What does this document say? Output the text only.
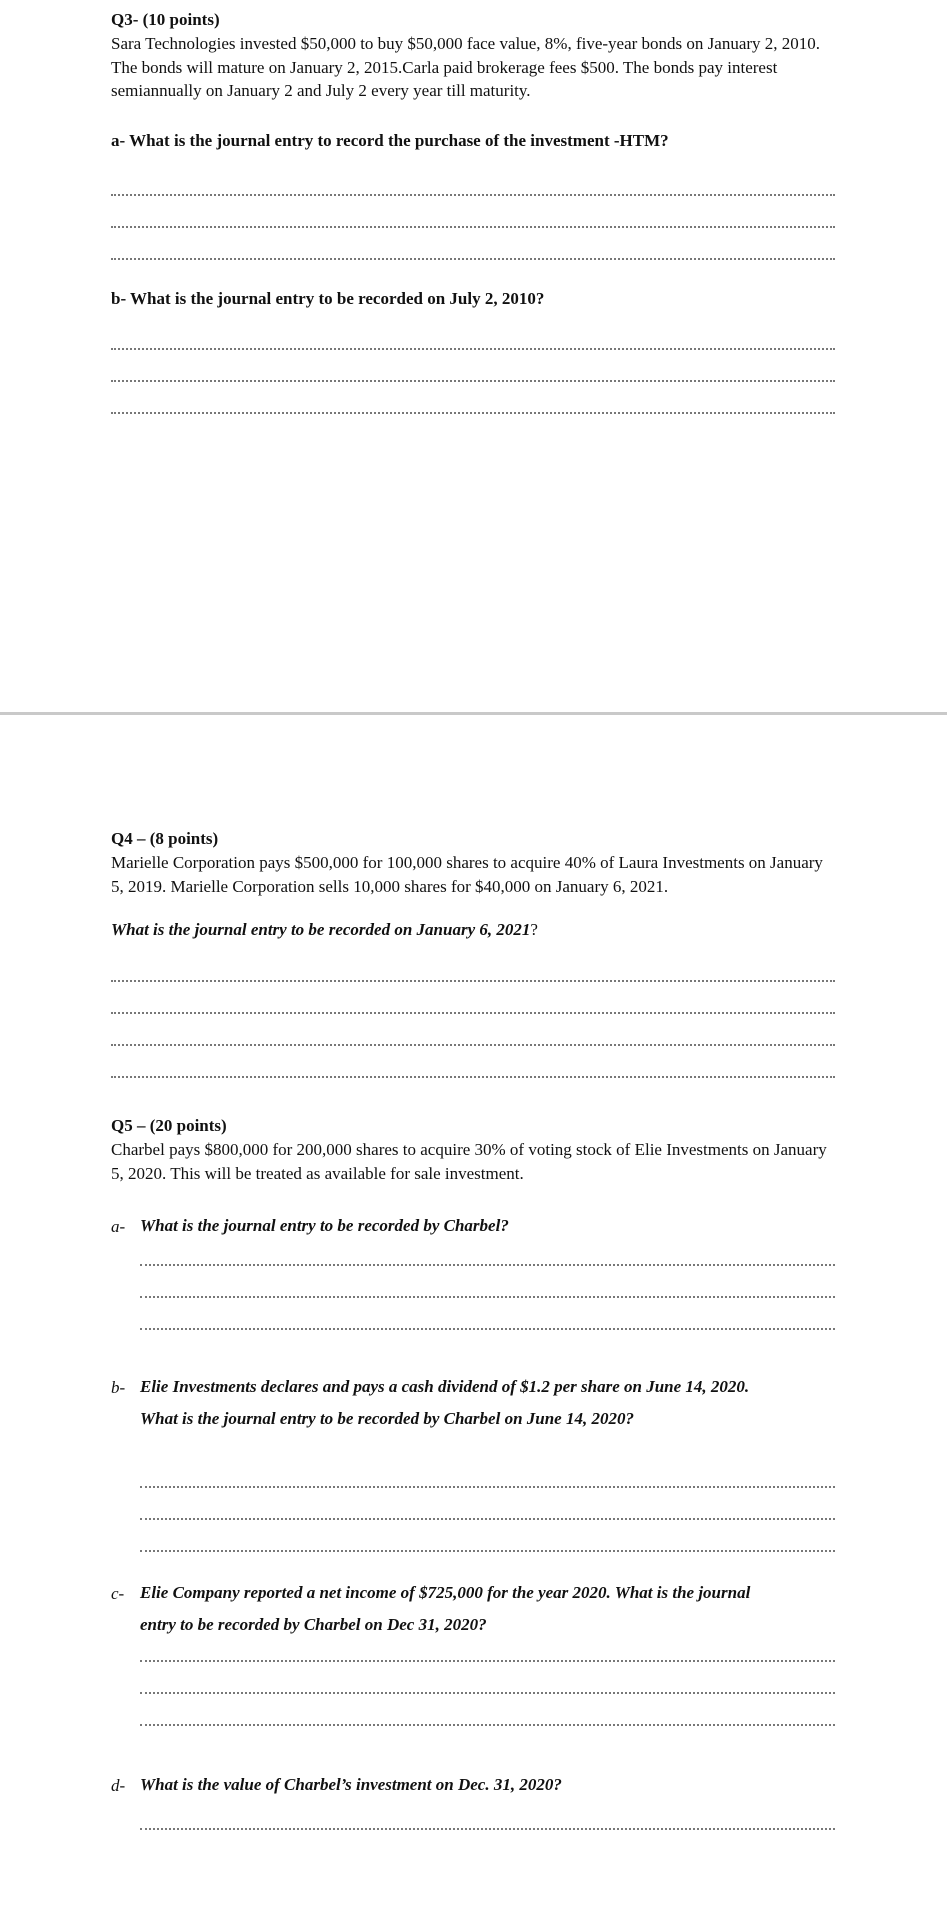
Q3- (10 points)

Sara Technologies invested $50,000 to buy $50,000 face value, 8%, five-year bonds on January 2, 2010. The bonds will mature on January 2, 2015.Carla paid brokerage fees $500. The bonds pay interest semiannually on January 2 and July 2 every year till maturity.

a- What is the journal entry to record the purchase of the investment -HTM?

b- What is the journal entry to be recorded on July 2, 2010?

Q4 – (8 points)

Marielle Corporation pays $500,000 for 100,000 shares to acquire 40% of Laura Investments on January 5, 2019. Marielle Corporation sells 10,000 shares for $40,000 on January 6, 2021.

What is the journal entry to be recorded on January 6, 2021?

Q5 – (20 points)

Charbel pays $800,000 for 200,000 shares to acquire 30% of voting stock of Elie Investments on January 5, 2020. This will be treated as available for sale investment.

a- What is the journal entry to be recorded by Charbel?

b- Elie Investments declares and pays a cash dividend of $1.2 per share on June 14, 2020.

What is the journal entry to be recorded by Charbel on June 14, 2020?

c- Elie Company reported a net income of $725,000 for the year 2020. What is the journal

entry to be recorded by Charbel on Dec 31, 2020?

d- What is the value of Charbel’s investment on Dec. 31, 2020?
